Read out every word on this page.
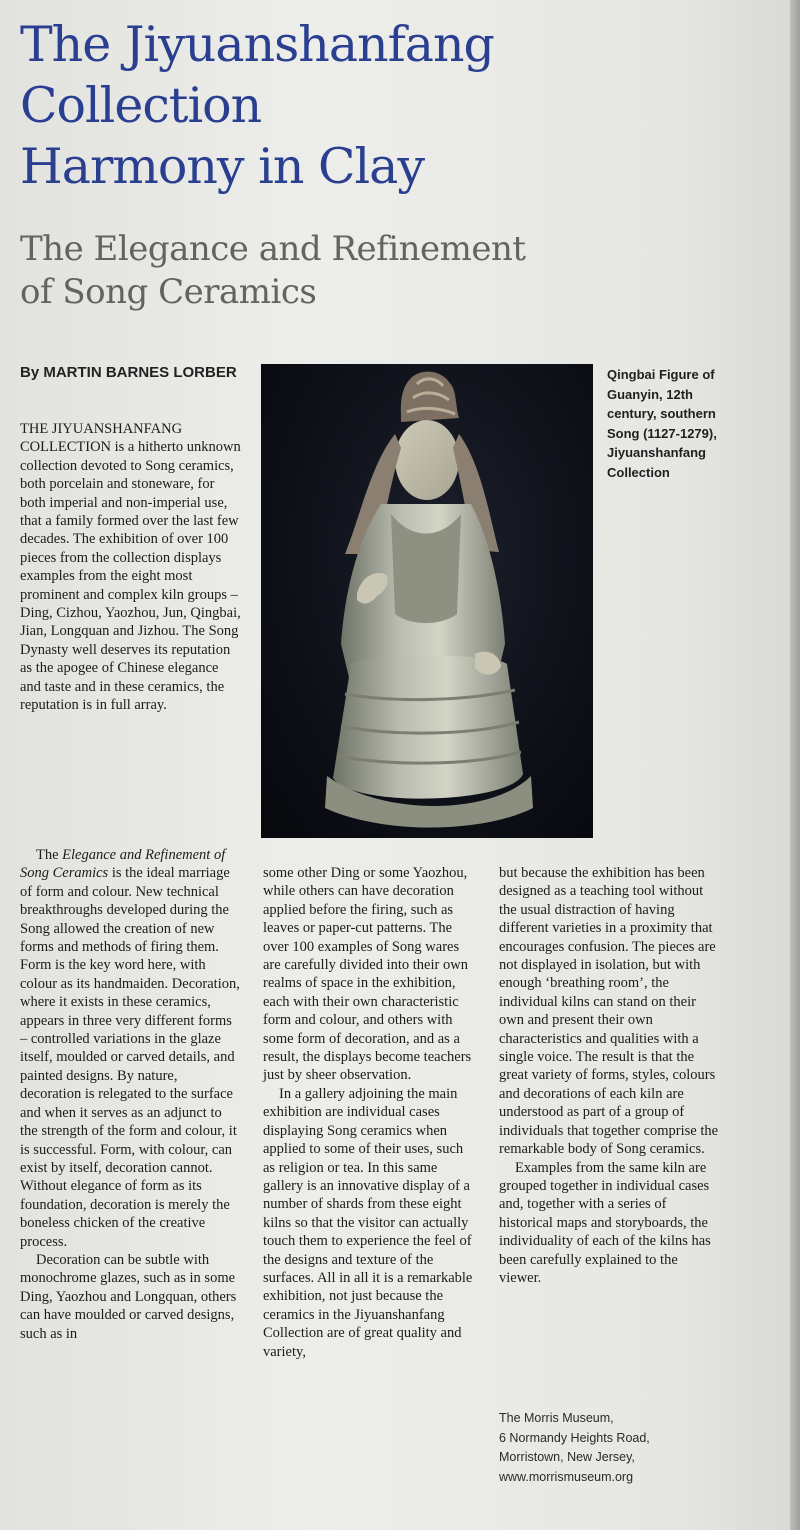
The Jiyuanshanfang
Collection
Harmony in Clay
The Elegance and Refinement
of Song Ceramics
By MARTIN BARNES LORBER	Qingbai Figure of Guanyin, 12th century, southern Song (1127-1279), Jiyuanshanfang Collection

THE JIYUANSHANFANG COLLECTION is a hitherto unknown collection devoted to Song ceramics, both porcelain and stoneware, for both imperial and non-imperial use, that a family formed over the last few decades. The exhibition of over 100 pieces from the collection displays examples from the eight most prominent and complex kiln groups – Ding, Cizhou, Yaozhou, Jun, Qingbai, Jian, Longquan and Jizhou. The Song Dynasty well deserves its reputation as the apogee of Chinese elegance and taste and in these ceramics, the reputation is in full array.

The Elegance and Refinement of Song Ceramics is the ideal marriage of form and colour. New technical breakthroughs developed during the Song allowed the creation of new forms and methods of firing them. Form is the key word here, with colour as its handmaiden. Decoration, where it exists in these ceramics, appears in three very different forms – controlled variations in the glaze itself, moulded or carved details, and painted designs. By nature, decoration is relegated to the surface and when it serves as an adjunct to the strength of the form and colour, it is successful. Form, with colour, can exist by itself, decoration cannot. Without elegance of form as its foundation, decoration is merely the boneless chicken of the creative process.

Decoration can be subtle with monochrome glazes, such as in some Ding, Yaozhou and Longquan, others can have moulded or carved designs, such as in

some other Ding or some Yaozhou, while others can have decoration applied before the firing, such as leaves or paper-cut patterns. The over 100 examples of Song wares are carefully divided into their own realms of space in the exhibition, each with their own characteristic form and colour, and others with some form of decoration, and as a result, the displays become teachers just by sheer observation.

In a gallery adjoining the main exhibition are individual cases displaying Song ceramics when applied to some of their uses, such as religion or tea. In this same gallery is an innovative display of a number of shards from these eight kilns so that the visitor can actually touch them to experience the feel of the designs and texture of the surfaces. All in all it is a remarkable exhibition, not just because the ceramics in the Jiyuanshanfang Collection are of great quality and variety,

but because the exhibition has been designed as a teaching tool without the usual distraction of having different varieties in a proximity that encourages confusion. The pieces are not displayed in isolation, but with enough ‘breathing room’, the individual kilns can stand on their own and present their own characteristics and qualities with a single voice. The result is that the great variety of forms, styles, colours and decorations of each kiln are understood as part of a group of individuals that together comprise the remarkable body of Song ceramics.

Examples from the same kiln are grouped together in individual cases and, together with a series of historical maps and storyboards, the individuality of each of the kilns has been carefully explained to the viewer.

The Morris Museum,
6 Normandy Heights Road,
Morristown, New Jersey,
www.morrismuseum.org
